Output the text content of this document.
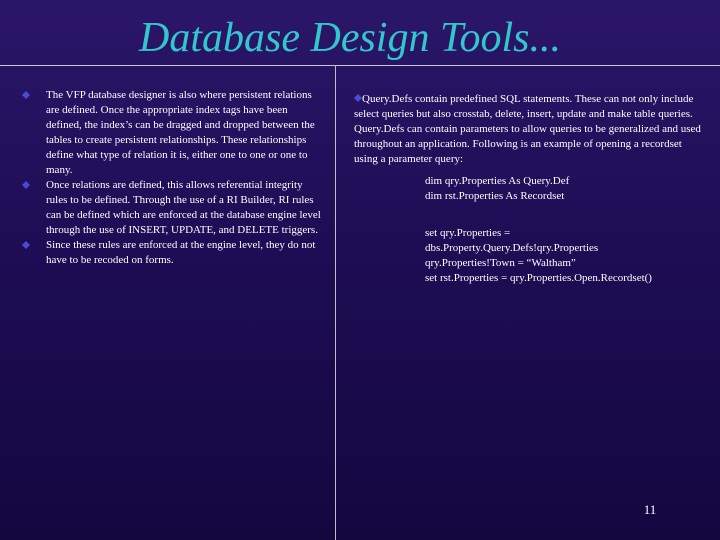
Database Design Tools...

The VFP database designer is also where persistent relations are defined. Once the appropriate index tags have been defined, the index’s can be dragged and dropped between the tables to create persistent relationships. These relationships define what type of relation it is, either one to one or one to many.

Once relations are defined, this allows referential integrity rules to be defined. Through the use of a RI Builder, RI rules can be defined which are enforced at the database engine level through the use of INSERT, UPDATE, and DELETE triggers.

Since these rules are enforced at the engine level, they do not have to be recoded on forms.

Query.Defs contain predefined SQL statements. These can not only include select queries but also crosstab, delete, insert, update and make table queries. Query.Defs can contain parameters to allow queries to be generalized and used throughout an application. Following is an example of opening a recordset using a parameter query:

dim qry.Properties As Query.Def
dim rst.Properties As Recordset
set qry.Properties =
dbs.Property.Query.Defs!qry.Properties
qry.Properties!Town = “Waltham”
set rst.Properties = qry.Properties.Open.Recordset()
11
